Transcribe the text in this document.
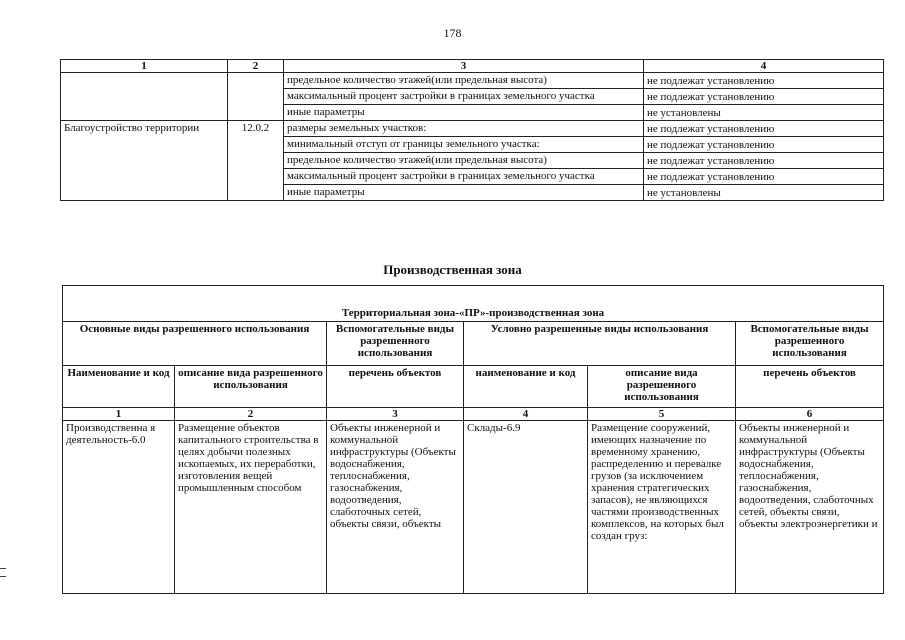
178
1	2	3	4
		предельное количество этажей(или предельная высота)	не подлежат установлению
		максимальный процент застройки в границах земельного участка	не подлежат установлению
		иные параметры	не установлены
Благоустройство территории	12.0.2	размеры земельных участков:	не подлежат установлению
		минимальный отступ от границы земельного участка:	не подлежат установлению
		предельное количество этажей(или предельная высота)	не подлежат установлению
		максимальный процент застройки в границах земельного участка	не подлежат установлению
		иные параметры	не установлены
Производственная зона
Территориальная зона-«ПР»-производственная зона					
Основные виды разрешенного использования		Вспомогательные виды разрешенного использования	Условно разрешенные виды использования		Вспомогательные виды разрешенного использования
Наименование и код	описание вида разрешенного использования	перечень объектов	наименование и код	описание вида разрешенного использования	перечень объектов
1	2	3	4	5	6
Производственна я деятельность-6.0	Размещение объектов капитального строительства в целях добычи полезных ископаемых, их переработки, изготовления вещей промышленным способом	Объекты инженерной и коммунальной инфраструктуры (Объекты водоснабжения, теплоснабжения, газоснабжения, водоотведения, слаботочных сетей, объекты связи, объекты	Склады-6.9	Размещение сооружений, имеющих назначение по временному хранению, распределению и перевалке грузов (за исключением хранения стратегических запасов), не являющихся частями производственных комплексов, на которых был создан груз:	Объекты инженерной и коммунальной инфраструктуры (Объекты водоснабжения, теплоснабжения, газоснабжения, водоотведения, слаботочных сетей, объекты связи, объекты электроэнергетики и
